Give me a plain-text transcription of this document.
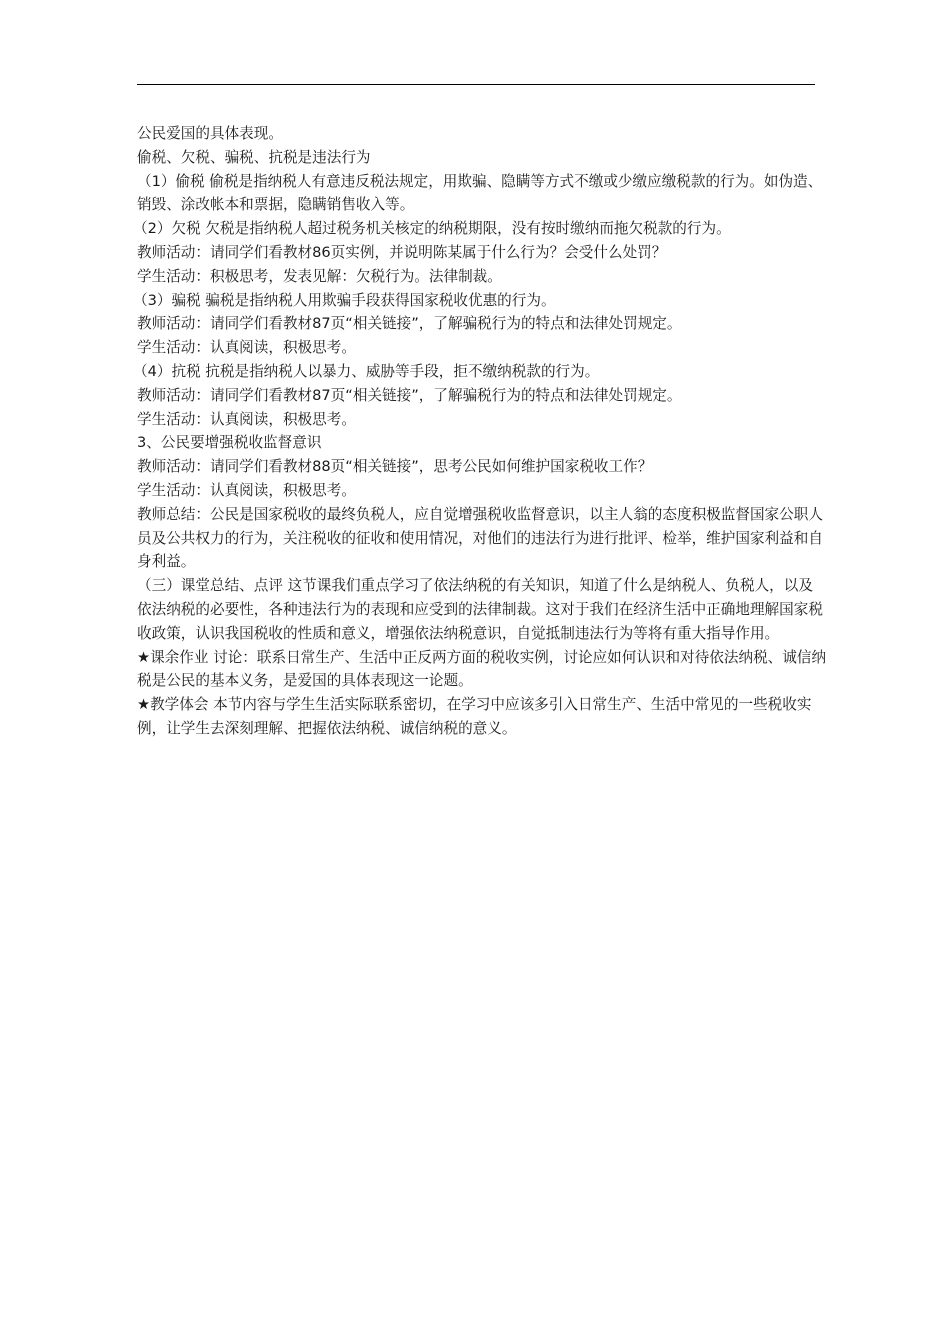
公民爱国的具体表现。

偷税、欠税、骗税、抗税是违法行为

（1）偷税 偷税是指纳税人有意违反税法规定，用欺骗、隐瞒等方式不缴或少缴应缴税款的行为。如伪造、销毁、涂改帐本和票据，隐瞒销售收入等。

（2）欠税 欠税是指纳税人超过税务机关核定的纳税期限，没有按时缴纳而拖欠税款的行为。

教师活动：请同学们看教材86页实例，并说明陈某属于什么行为？会受什么处罚？

学生活动：积极思考，发表见解：欠税行为。法律制裁。

（3）骗税 骗税是指纳税人用欺骗手段获得国家税收优惠的行为。

教师活动：请同学们看教材87页“相关链接”，了解骗税行为的特点和法律处罚规定。

学生活动：认真阅读，积极思考。

（4）抗税 抗税是指纳税人以暴力、威胁等手段，拒不缴纳税款的行为。

教师活动：请同学们看教材87页“相关链接”，了解骗税行为的特点和法律处罚规定。

学生活动：认真阅读，积极思考。

3、公民要增强税收监督意识

教师活动：请同学们看教材88页“相关链接”，思考公民如何维护国家税收工作？

学生活动：认真阅读，积极思考。

教师总结：公民是国家税收的最终负税人，应自觉增强税收监督意识，以主人翁的态度积极监督国家公职人员及公共权力的行为，关注税收的征收和使用情况，对他们的违法行为进行批评、检举，维护国家利益和自身利益。

（三）课堂总结、点评 这节课我们重点学习了依法纳税的有关知识，知道了什么是纳税人、负税人，以及依法纳税的必要性，各种违法行为的表现和应受到的法律制裁。这对于我们在经济生活中正确地理解国家税收政策，认识我国税收的性质和意义，增强依法纳税意识，自觉抵制违法行为等将有重大指导作用。

★课余作业 讨论：联系日常生产、生活中正反两方面的税收实例，讨论应如何认识和对待依法纳税、诚信纳税是公民的基本义务，是爱国的具体表现这一论题。

★教学体会 本节内容与学生生活实际联系密切，在学习中应该多引入日常生产、生活中常见的一些税收实例，让学生去深刻理解、把握依法纳税、诚信纳税的意义。
